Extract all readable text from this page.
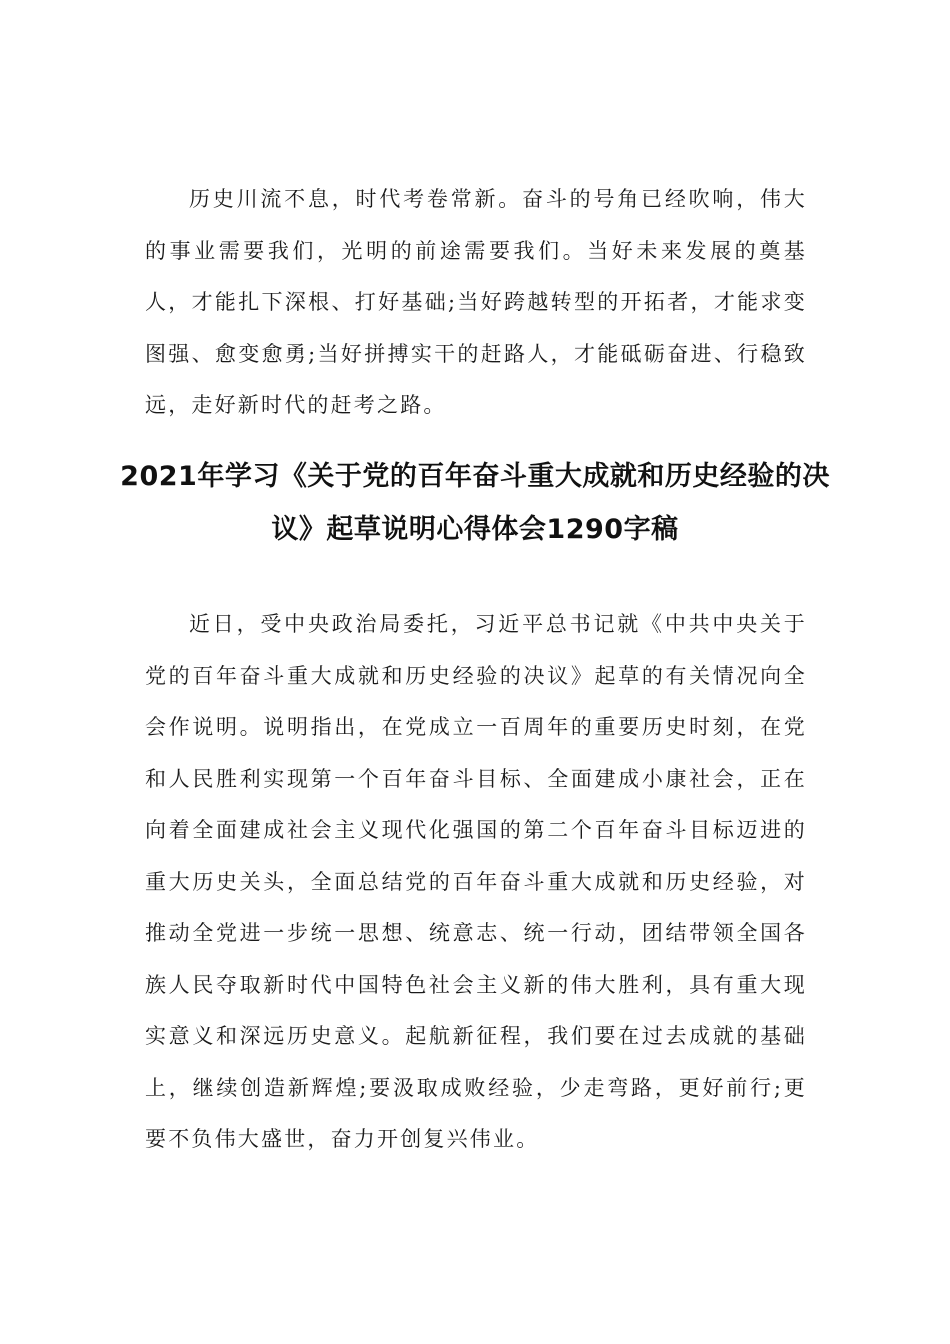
历史川流不息，时代考卷常新。奋斗的号角已经吹响，伟大的事业需要我们，光明的前途需要我们。当好未来发展的奠基人，才能扎下深根、打好基础;当好跨越转型的开拓者，才能求变图强、愈变愈勇;当好拼搏实干的赶路人，才能砥砺奋进、行稳致远，走好新时代的赶考之路。

2021年学习《关于党的百年奋斗重大成就和历史经验的决议》起草说明心得体会1290字稿

近日，受中央政治局委托，习近平总书记就《中共中央关于党的百年奋斗重大成就和历史经验的决议》起草的有关情况向全会作说明。说明指出，在党成立一百周年的重要历史时刻，在党和人民胜利实现第一个百年奋斗目标、全面建成小康社会，正在向着全面建成社会主义现代化强国的第二个百年奋斗目标迈进的重大历史关头，全面总结党的百年奋斗重大成就和历史经验，对推动全党进一步统一思想、统意志、统一行动，团结带领全国各族人民夺取新时代中国特色社会主义新的伟大胜利，具有重大现实意义和深远历史意义。起航新征程，我们要在过去成就的基础上，继续创造新辉煌;要汲取成败经验，少走弯路，更好前行;更要不负伟大盛世，奋力开创复兴伟业。
